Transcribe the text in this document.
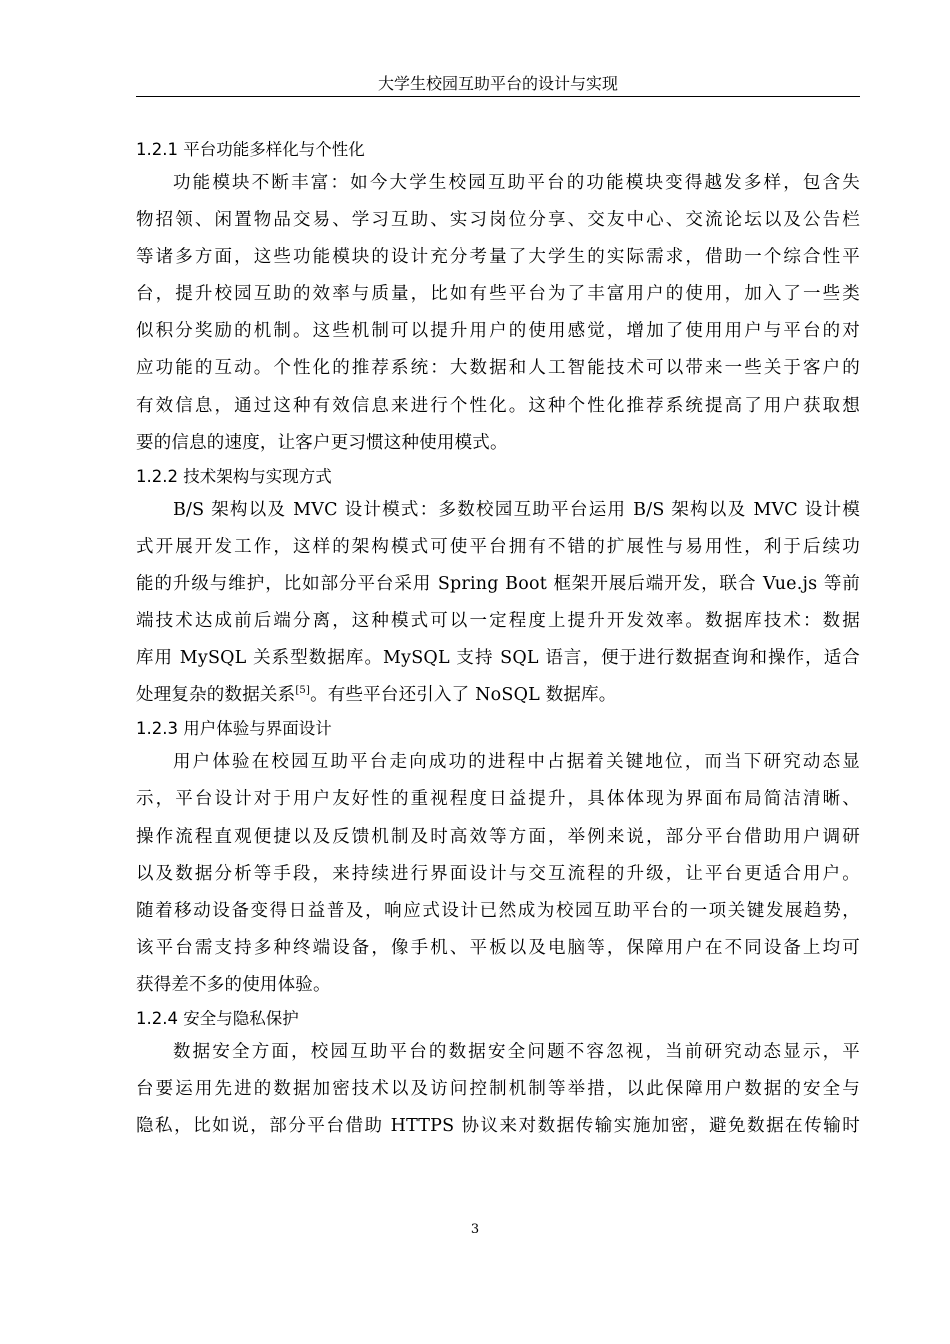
大学生校园互助平台的设计与实现
1.2.1 平台功能多样化与个性化
功能模块不断丰富：如今大学生校园互助平台的功能模块变得越发多样，包含失
物招领、闲置物品交易、学习互助、实习岗位分享、交友中心、交流论坛以及公告栏
等诸多方面，这些功能模块的设计充分考量了大学生的实际需求，借助一个综合性平
台，提升校园互助的效率与质量，比如有些平台为了丰富用户的使用，加入了一些类
似积分奖励的机制。这些机制可以提升用户的使用感觉，增加了使用用户与平台的对
应功能的互动。个性化的推荐系统：大数据和人工智能技术可以带来一些关于客户的
有效信息，通过这种有效信息来进行个性化。这种个性化推荐系统提高了用户获取想
要的信息的速度，让客户更习惯这种使用模式。
1.2.2 技术架构与实现方式
B/S 架构以及 MVC 设计模式：多数校园互助平台运用 B/S 架构以及 MVC 设计模
式开展开发工作，这样的架构模式可使平台拥有不错的扩展性与易用性，利于后续功
能的升级与维护，比如部分平台采用 Spring Boot 框架开展后端开发，联合 Vue.js 等前
端技术达成前后端分离，这种模式可以一定程度上提升开发效率。数据库技术：数据
库用 MySQL 关系型数据库。MySQL 支持 SQL 语言，便于进行数据查询和操作，适合
处理复杂的数据关系[5]。有些平台还引入了 NoSQL 数据库。
1.2.3 用户体验与界面设计
用户体验在校园互助平台走向成功的进程中占据着关键地位，而当下研究动态显
示，平台设计对于用户友好性的重视程度日益提升，具体体现为界面布局简洁清晰、
操作流程直观便捷以及反馈机制及时高效等方面，举例来说，部分平台借助用户调研
以及数据分析等手段，来持续进行界面设计与交互流程的升级，让平台更适合用户。
随着移动设备变得日益普及，响应式设计已然成为校园互助平台的一项关键发展趋势，
该平台需支持多种终端设备，像手机、平板以及电脑等，保障用户在不同设备上均可
获得差不多的使用体验。
1.2.4 安全与隐私保护
数据安全方面，校园互助平台的数据安全问题不容忽视，当前研究动态显示，平
台要运用先进的数据加密技术以及访问控制机制等举措，以此保障用户数据的安全与
隐私，比如说，部分平台借助 HTTPS 协议来对数据传输实施加密，避免数据在传输时
3
